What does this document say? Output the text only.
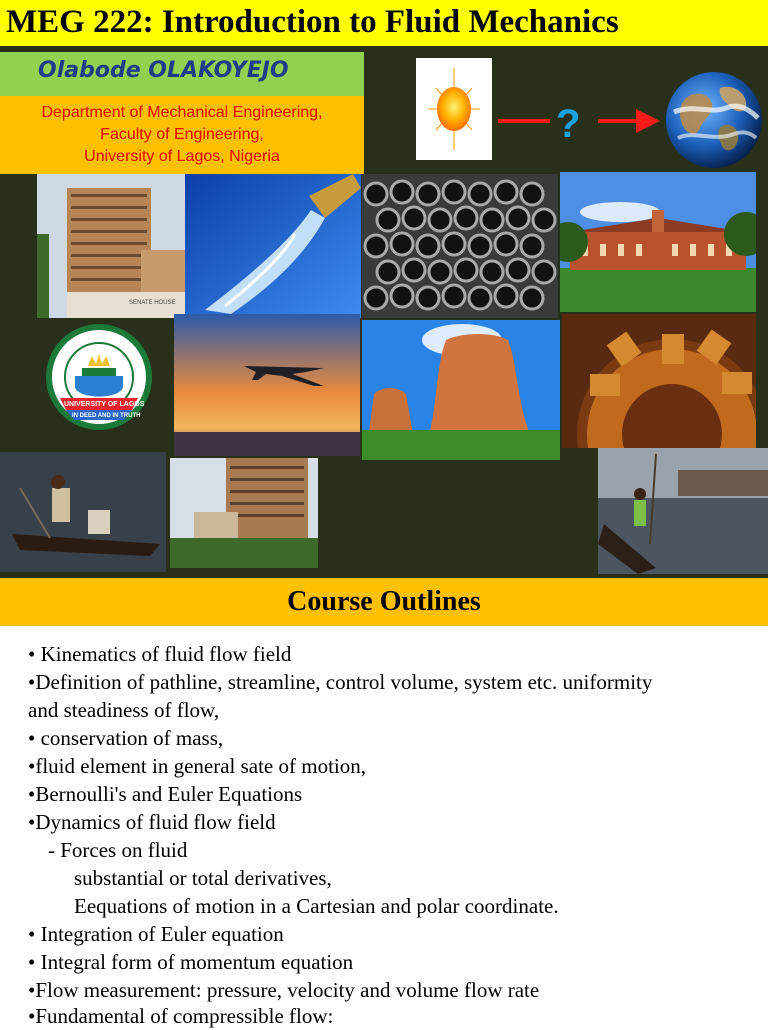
MEG 222: Introduction to Fluid Mechanics
Olabode OLAKOYEJO
Department of Mechanical Engineering,
Faculty of Engineering,
University of Lagos, Nigeria
?
SENATE HOUSE
UNIVERSITY OF LAGOS
IN DEED AND IN TRUTH
Course Outlines
• Kinematics of fluid flow field
•Definition of pathline, streamline, control volume, system etc. uniformity
and steadiness of flow,
• conservation of mass,
•fluid element in general sate of motion,
•Bernoulli's and Euler Equations
•Dynamics of fluid flow field
- Forces on fluid
substantial or total derivatives,
Eequations of motion in a Cartesian and polar coordinate.
• Integration of Euler equation
• Integral form of momentum equation
•Flow measurement: pressure, velocity and volume flow rate
•Fundamental of compressible flow:
